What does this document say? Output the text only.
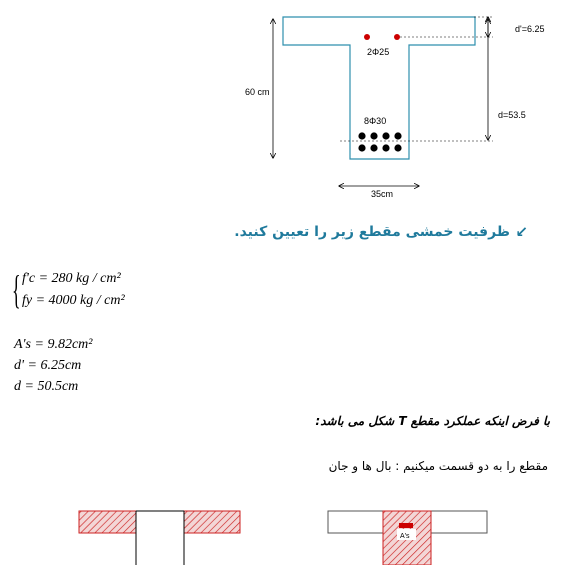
2Φ25
8Φ30
60 cm
35cm
d'=6.25
d=53.5
↙
ظرفیت خمشی مقطع زیر را تعیین کنید.
{ f'c = 280 kg / cm²
fy = 4000 kg / cm²
A's = 9.82cm²
d' = 6.25cm
d = 50.5cm
با فرض اینکه عملکرد مقطع T شکل می باشد:
مقطع را به دو قسمت میکنیم : بال ها و جان
A's
